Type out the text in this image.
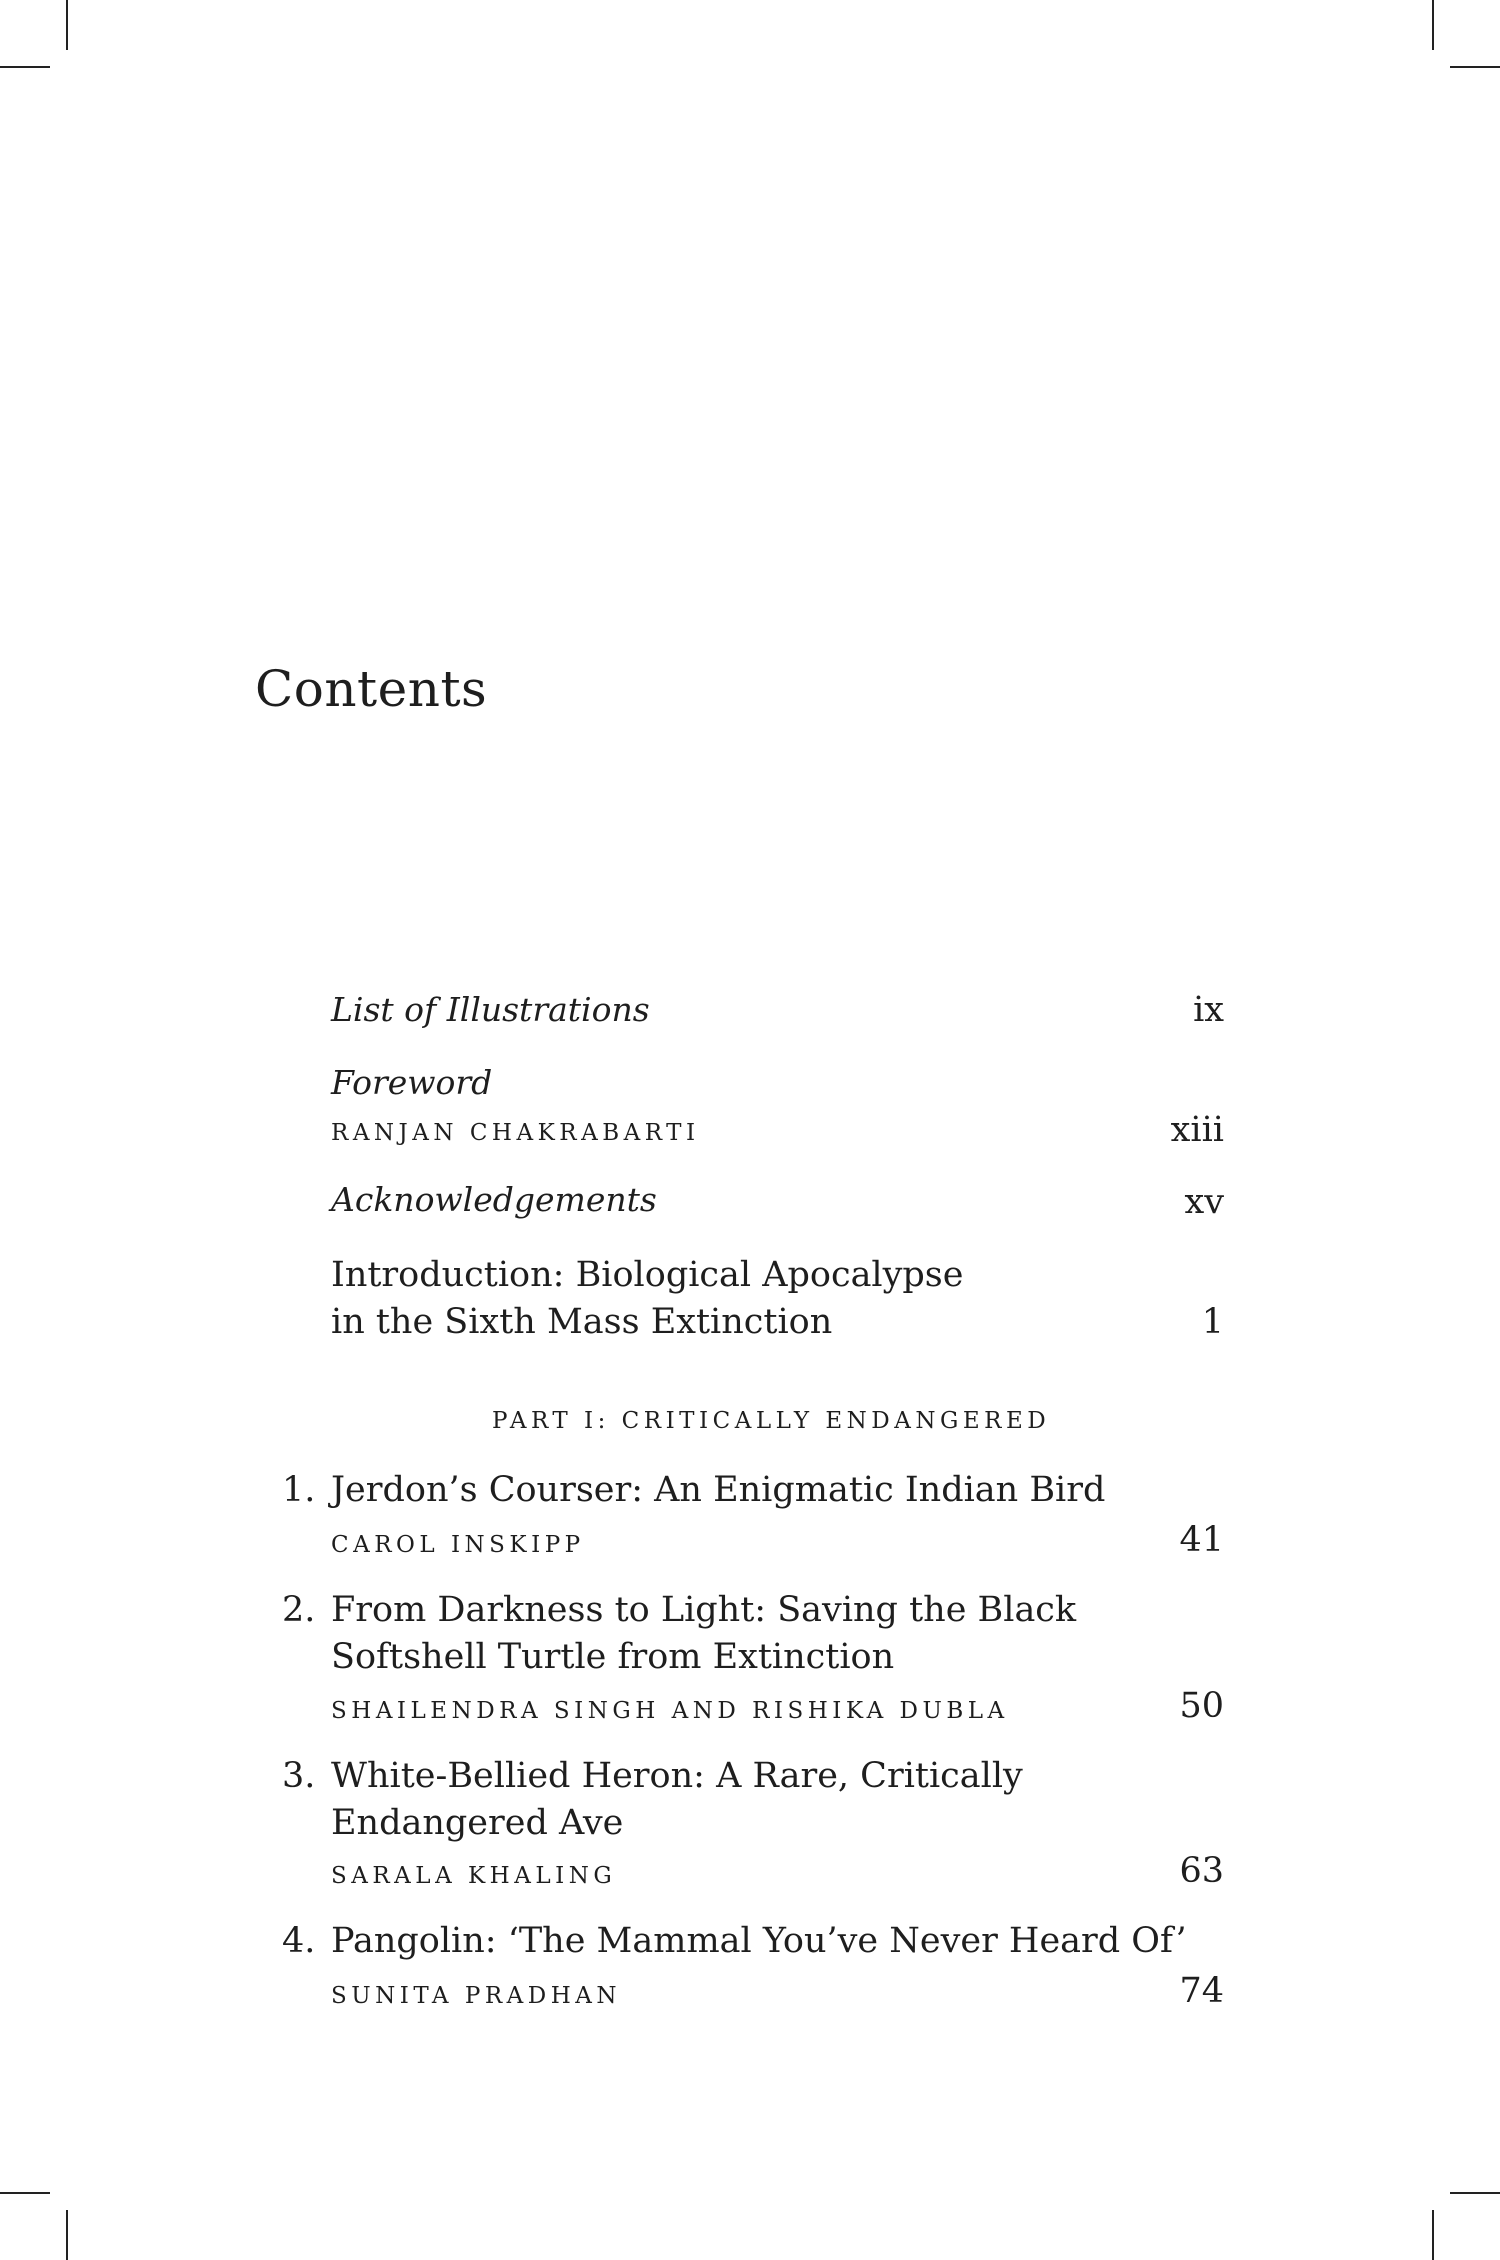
Contents
List of Illustrations	ix
Foreword
RANJAN CHAKRABARTI	xiii
Acknowledgements	xv
Introduction: Biological Apocalypse
in the Sixth Mass Extinction	1
PART I: CRITICALLY ENDANGERED
1. Jerdon’s Courser: An Enigmatic Indian Bird
CAROL INSKIPP	41
2. From Darkness to Light: Saving the Black
Softshell Turtle from Extinction
SHAILENDRA SINGH AND RISHIKA DUBLA	50
3. White-Bellied Heron: A Rare, Critically
Endangered Ave
SARALA KHALING	63
4. Pangolin: ‘The Mammal You’ve Never Heard Of’
SUNITA PRADHAN	74
